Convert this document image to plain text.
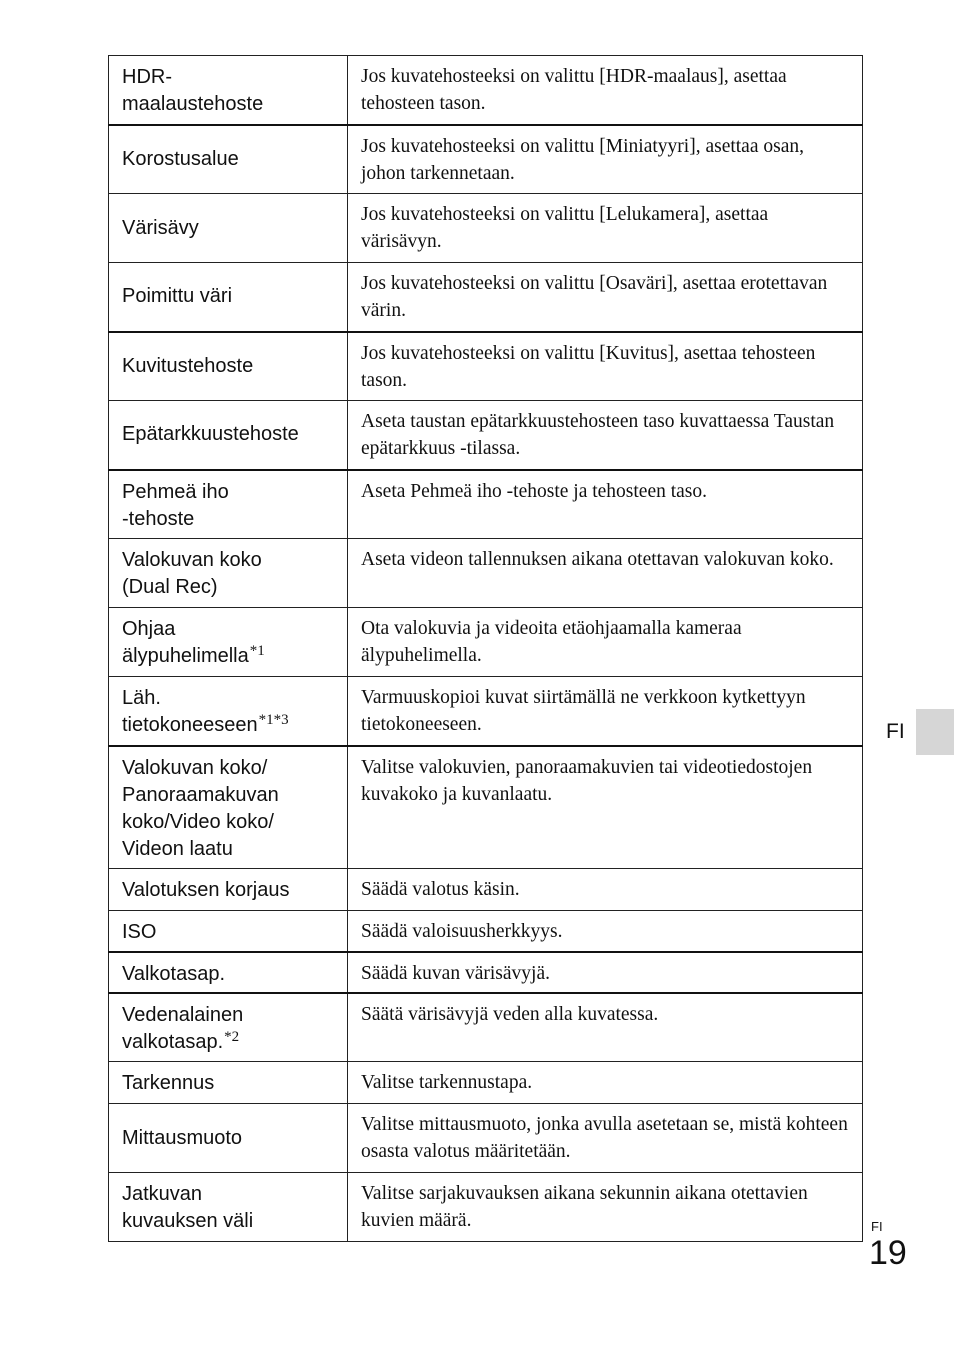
HDR-
maalaustehoste	Jos kuvatehosteeksi on valittu [HDR-maalaus], asettaa tehosteen tason.
Korostusalue	Jos kuvatehosteeksi on valittu [Miniatyyri], asettaa osan, johon tarkennetaan.
Värisävy	Jos kuvatehosteeksi on valittu [Lelukamera], asettaa värisävyn.
Poimittu väri	Jos kuvatehosteeksi on valittu [Osaväri], asettaa erotettavan värin.
Kuvitustehoste	Jos kuvatehosteeksi on valittu [Kuvitus], asettaa tehosteen tason.
Epätarkkuustehoste	Aseta taustan epätarkkuustehosteen taso kuvattaessa Taustan epätarkkuus -tilassa.
Pehmeä iho
-tehoste	Aseta Pehmeä iho -tehoste ja tehosteen taso.
Valokuvan koko
(Dual Rec)	Aseta videon tallennuksen aikana otettavan valokuvan koko.
Ohjaa
älypuhelimella$^{*1}$	Ota valokuvia ja videoita etäohjaamalla kameraa älypuhelimella.
Läh.
tietokoneeseen$^{*1*3}$	Varmuuskopioi kuvat siirtämällä ne verkkoon kytkettyyn tietokoneeseen.
Valokuvan koko/
Panoraamakuvan
koko/Video koko/
Videon laatu	Valitse valokuvien, panoraamakuvien tai videotiedostojen kuvakoko ja kuvanlaatu.
Valotuksen korjaus	Säädä valotus käsin.
ISO	Säädä valoisuusherkkyys.
Valkotasap.	Säädä kuvan värisävyjä.
Vedenalainen
valkotasap.$^{*2}$	Säätä värisävyjä veden alla kuvatessa.
Tarkennus	Valitse tarkennustapa.
Mittausmuoto	Valitse mittausmuoto, jonka avulla asetetaan se, mistä kohteen osasta valotus määritetään.
Jatkuvan
kuvauksen väli	Valitse sarjakuvauksen aikana sekunnin aikana otettavien kuvien määrä.
FI
FI
19
